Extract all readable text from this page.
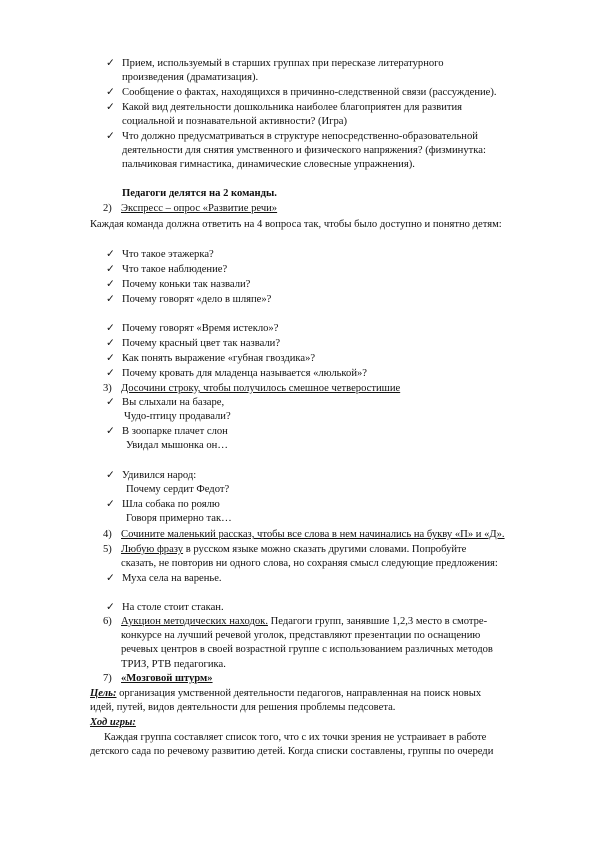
✓ Прием, используемый в старших группах при пересказе литературного
произведения (драматизация).
✓ Сообщение о фактах, находящихся в причинно-следственной связи (рассуждение).
✓ Какой вид деятельности дошкольника наиболее благоприятен для развития
социальной и познавательной активности? (Игра)
✓ Что должно предусматриваться в структуре непосредственно-образовательной
деятельности для снятия умственного и физического напряжения? (физминутка:
пальчиковая гимнастика, динамические словесные упражнения).
Педагоги делятся на 2 команды.
2) Экспресс – опрос «Развитие речи»
Каждая команда должна ответить на 4 вопроса так, чтобы было доступно и понятно детям:
✓ Что такое этажерка?
✓ Что такое наблюдение?
✓ Почему коньки так назвали?
✓ Почему говорят «дело в шляпе»?
✓ Почему говорят «Время истекло»?
✓ Почему красный цвет так назвали?
✓ Как понять выражение «губная гвоздика»?
✓ Почему кровать для младенца называется «люлькой»?
3) Досочини строку, чтобы получилось смешное четверостишие
✓ Вы слыхали на базаре,
Чудо-птицу продавали?
✓ В зоопарке плачет слон
Увидал мышонка он…
✓ Удивился народ:
Почему сердит Федот?
✓ Шла собака по роялю
Говоря примерно так…
4) Сочините маленький рассказ, чтобы все слова в нем начинались на букву «П» и «Д».
5) Любую фразу в русском языке можно сказать другими словами. Попробуйте
сказать, не повторив ни одного слова, но сохраняя смысл следующие предложения:
✓ Муха села на варенье.
✓ На столе стоит стакан.
6) Аукцион методических находок. Педагоги групп, занявшие 1,2,3 место в смотре-
конкурсе на лучший речевой уголок, представляют презентации по оснащению
речевых центров в своей возрастной группе с использованием различных методов
ТРИЗ, РТВ педагогика.
7) «Мозговой штурм»
Цель: организация умственной деятельности педагогов, направленная на поиск новых
идей, путей, видов деятельности для решения проблемы педсовета.
Ход игры:
Каждая группа составляет список того, что с их точки зрения не устраивает в работе
детского сада по речевому развитию детей. Когда списки составлены, группы по очереди
